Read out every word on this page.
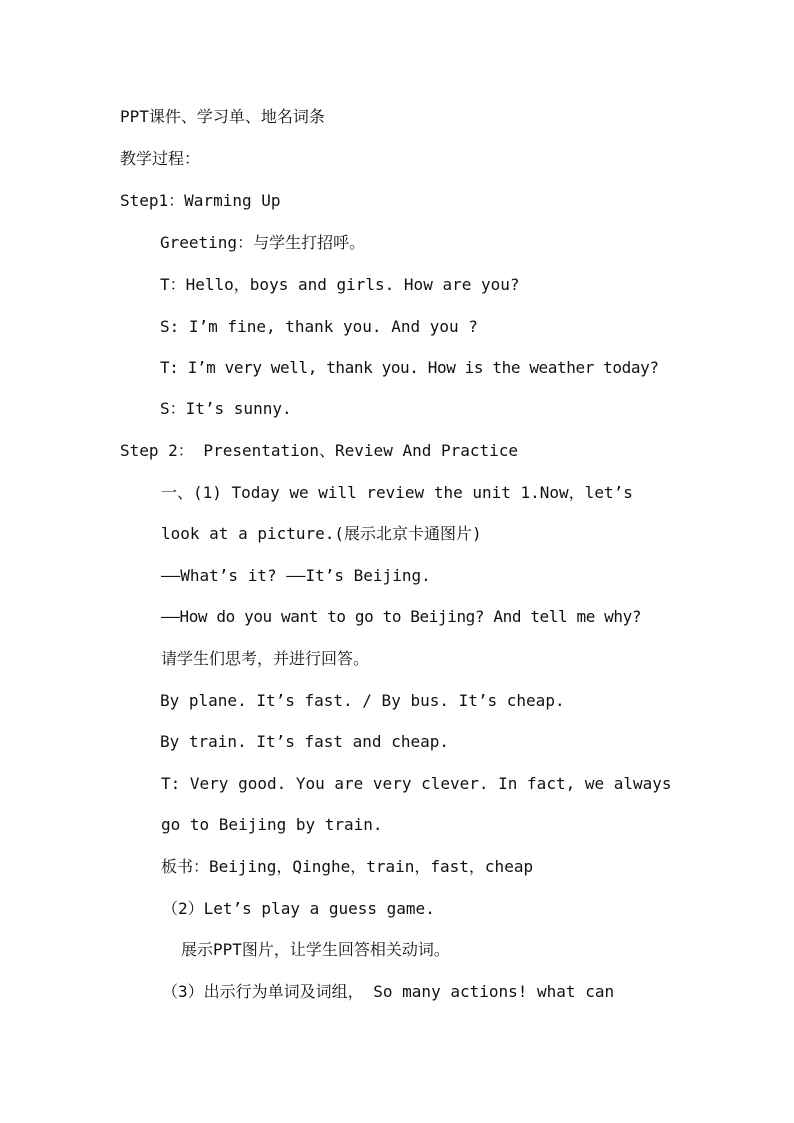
PPT课件、学习单、地名词条
教学过程：
Step1：Warming Up
Greeting：与学生打招呼。
T：Hello，boys and girls. How are you?
S: I’m fine, thank you. And you ?
T: I’m very well, thank you. How is the weather today?
S：It’s sunny.
Step 2： Presentation、Review And Practice
一、(1) Today we will review the unit 1.Now，let’s
look at a picture.(展示北京卡通图片)
——What’s it? ——It’s Beijing.
——How do you want to go to Beijing? And tell me why?
请学生们思考，并进行回答。
By plane. It’s fast. / By bus. It’s cheap.
By train. It’s fast and cheap.
T: Very good. You are very clever. In fact, we always
go to Beijing by train.
板书：Beijing，Qinghe，train，fast，cheap
（2）Let’s play a guess game.
展示PPT图片，让学生回答相关动词。
（3）出示行为单词及词组， So many actions! what can
